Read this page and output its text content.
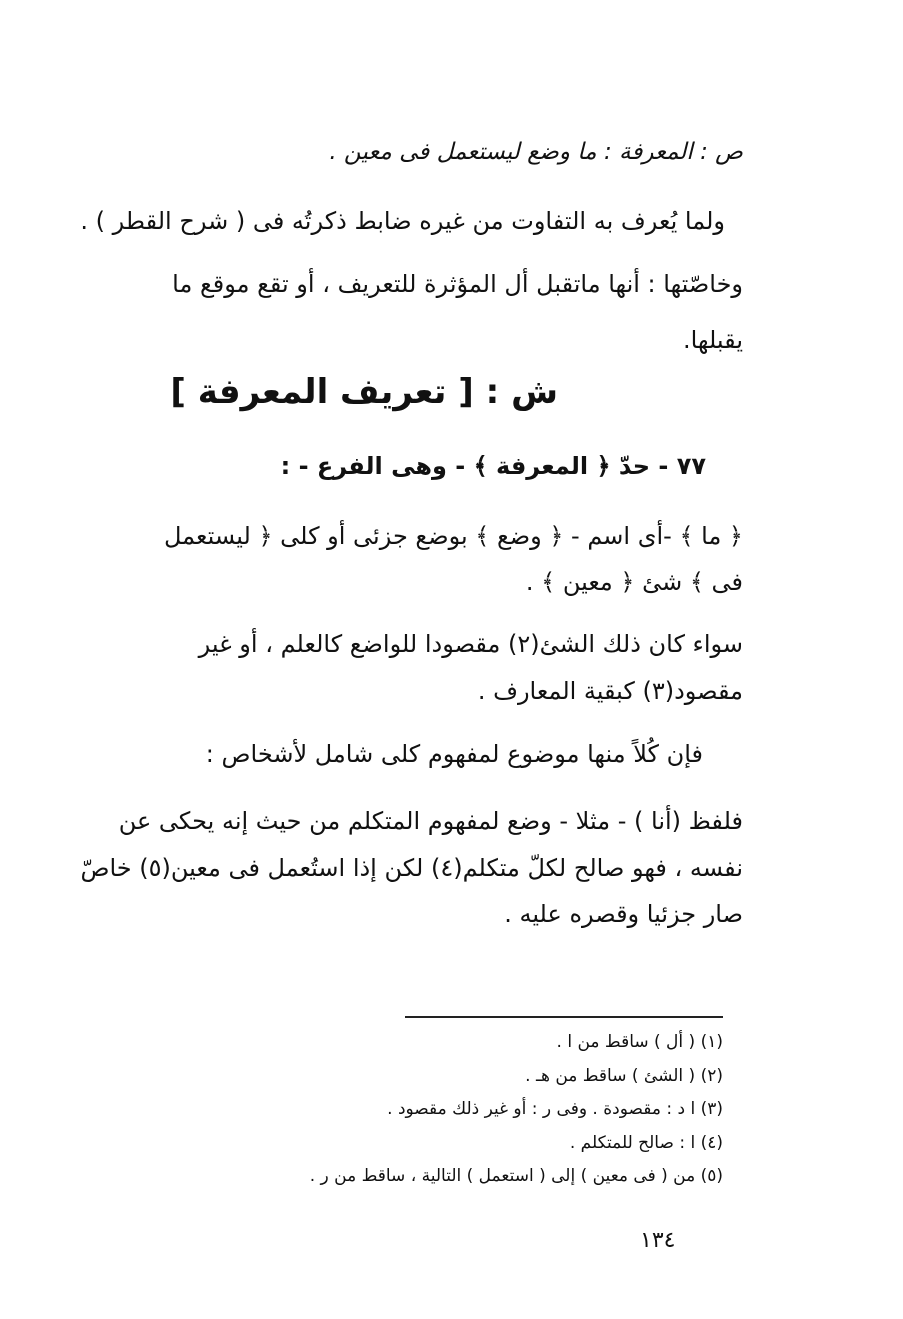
ص : المعرفة : ما وضع ليستعمل فى معين .
ولما يُعرف به التفاوت من غيره ضابط ذكرتُه فى ( شرح القطر ) .
وخاصّتها : أنها ماتقبل أل المؤثرة للتعريف ، أو تقع موقع ما
يقبلها.
ش : [ تعريف المعرفة ]
٧٧ - حدّ ﴿ المعرفة ﴾ - وهى الفرع - :
﴿ ما ﴾ -أى اسم - ﴿ وضع ﴾ بوضع جزئى أو كلى ﴿ ليستعمل
فى ﴾ شئ ﴿ معين ﴾ .
سواء كان ذلك الشئ(٢) مقصودا للواضع كالعلم ، أو غير
مقصود(٣) كبقية المعارف .
فإن كُلاً منها موضوع لمفهوم كلى شامل لأشخاص :
فلفظ (أنا ) - مثلا - وضع لمفهوم المتكلم من حيث إنه يحكى عن
نفسه ، فهو صالح لكلّ متكلم(٤) لكن إذا استُعمل فى معين(٥) خاصّ
صار جزئيا وقصره عليه .
(١) ( أل ) ساقط من ا .
(٢) ( الشئ ) ساقط من هـ .
(٣) ا د : مقصودة . وفى ر : أو غير ذلك مقصود .
(٤) ا : صالح للمتكلم .
(٥) من ( فى معين ) إلى ( استعمل ) التالية ، ساقط من ر .
١٣٤
